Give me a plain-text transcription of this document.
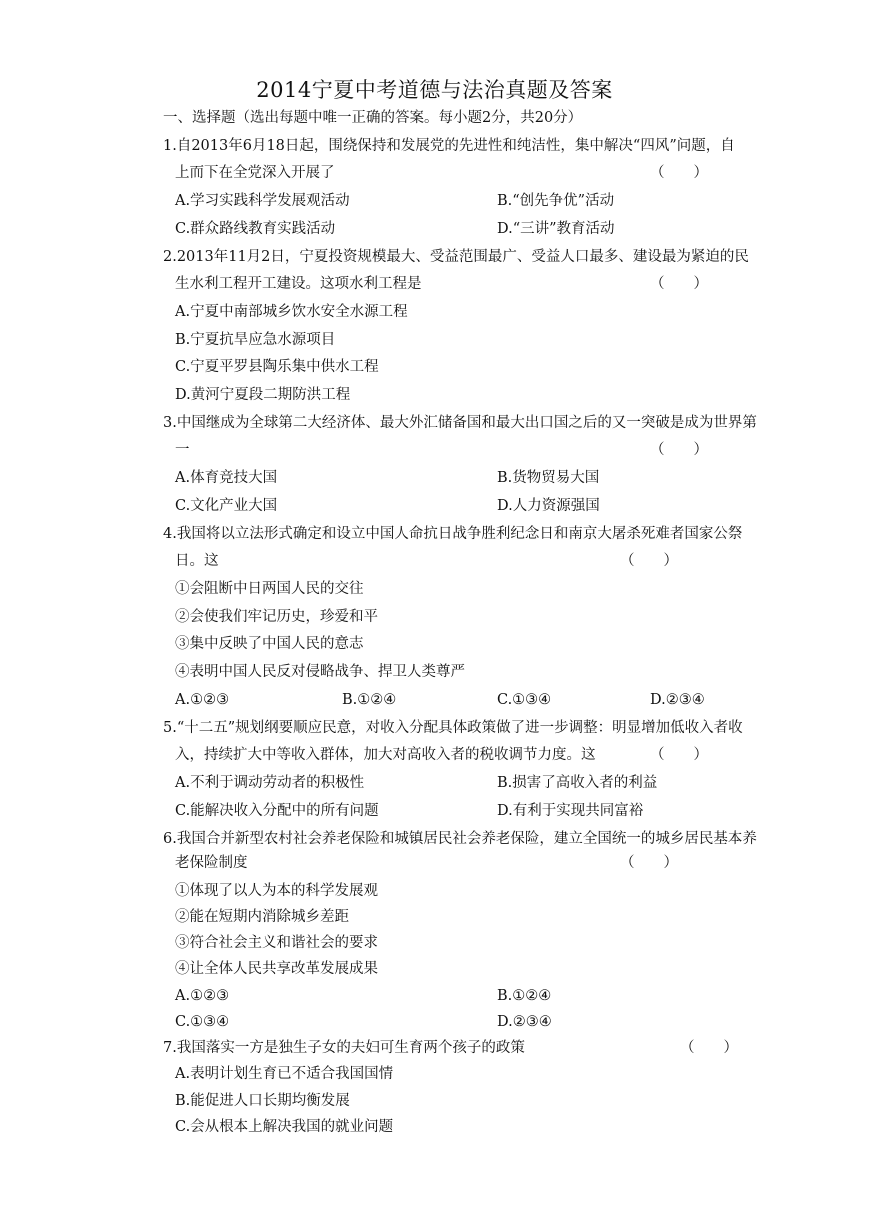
2014宁夏中考道德与法治真题及答案
一、选择题（选出每题中唯一正确的答案。每小题2分，共20分）
1.自2013年6月18日起，围绕保持和发展党的先进性和纯洁性，集中解决“四风”问题，自
上而下在全党深入开展了	（　　）
A.学习实践科学发展观活动	B.“创先争优”活动
C.群众路线教育实践活动	D.“三讲”教育活动
2.2013年11月2日，宁夏投资规模最大、受益范围最广、受益人口最多、建设最为紧迫的民
生水利工程开工建设。这项水利工程是	（　　）
A.宁夏中南部城乡饮水安全水源工程
B.宁夏抗旱应急水源项目
C.宁夏平罗县陶乐集中供水工程
D.黄河宁夏段二期防洪工程
3.中国继成为全球第二大经济体、最大外汇储备国和最大出口国之后的又一突破是成为世界第
一	（　　）
A.体育竞技大国	B.货物贸易大国
C.文化产业大国	D.人力资源强国
4.我国将以立法形式确定和设立中国人命抗日战争胜利纪念日和南京大屠杀死难者国家公祭
日。这	（　　）
①会阻断中日两国人民的交往
②会使我们牢记历史，珍爱和平
③集中反映了中国人民的意志
④表明中国人民反对侵略战争、捍卫人类尊严
A.①②③	B.①②④	C.①③④	D.②③④
5.“十二五”规划纲要顺应民意，对收入分配具体政策做了进一步调整：明显增加低收入者收
入，持续扩大中等收入群体，加大对高收入者的税收调节力度。这	（　　）
A.不利于调动劳动者的积极性	B.损害了高收入者的利益
C.能解决收入分配中的所有问题	D.有利于实现共同富裕
6.我国合并新型农村社会养老保险和城镇居民社会养老保险，建立全国统一的城乡居民基本养
老保险制度	（　　）
①体现了以人为本的科学发展观
②能在短期内消除城乡差距
③符合社会主义和谐社会的要求
④让全体人民共享改革发展成果
A.①②③	B.①②④
C.①③④	D.②③④
7.我国落实一方是独生子女的夫妇可生育两个孩子的政策	（　　）
A.表明计划生育已不适合我国国情
B.能促进人口长期均衡发展
C.会从根本上解决我国的就业问题
